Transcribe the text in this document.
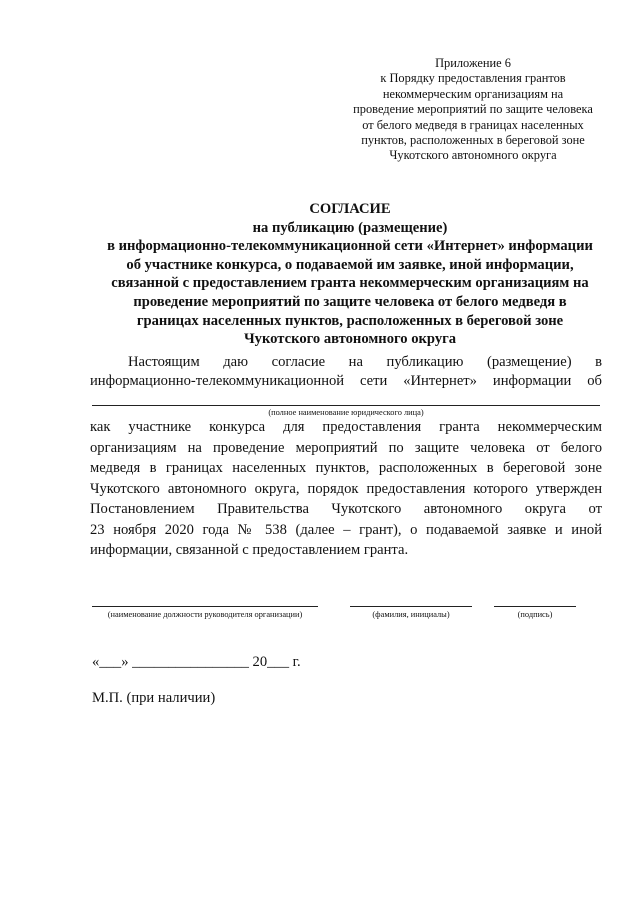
Приложение 6
к Порядку предоставления грантов
некоммерческим организациям на
проведение мероприятий по защите человека
от белого медведя в границах населенных
пунктов, расположенных в береговой зоне
Чукотского автономного округа
СОГЛАСИЕ
на публикацию (размещение)
в информационно-телекоммуникационной сети «Интернет» информации
об участнике конкурса, о подаваемой им заявке, иной информации,
связанной с предоставлением гранта некоммерческим организациям на
проведение мероприятий по защите человека от белого медведя в
границах населенных пунктов, расположенных в береговой зоне
Чукотского автономного округа
Настоящим даю согласие на публикацию (размещение) в
информационно-телекоммуникационной сети «Интернет» информации об
(полное наименование юридического лица)
как участнике конкурса для предоставления гранта некоммерческим
организациям на проведение мероприятий по защите человека от белого
медведя в границах населенных пунктов, расположенных в береговой зоне
Чукотского автономного округа, порядок предоставления которого утвержден
Постановлением Правительства Чукотского автономного округа от
23 ноября 2020 года № 538 (далее – грант), о подаваемой заявке и иной
информации, связанной с предоставлением гранта.
(наименование должности руководителя организации)	(фамилия, инициалы)	(подпись)
«___» ________________ 20___ г.
М.П. (при наличии)
